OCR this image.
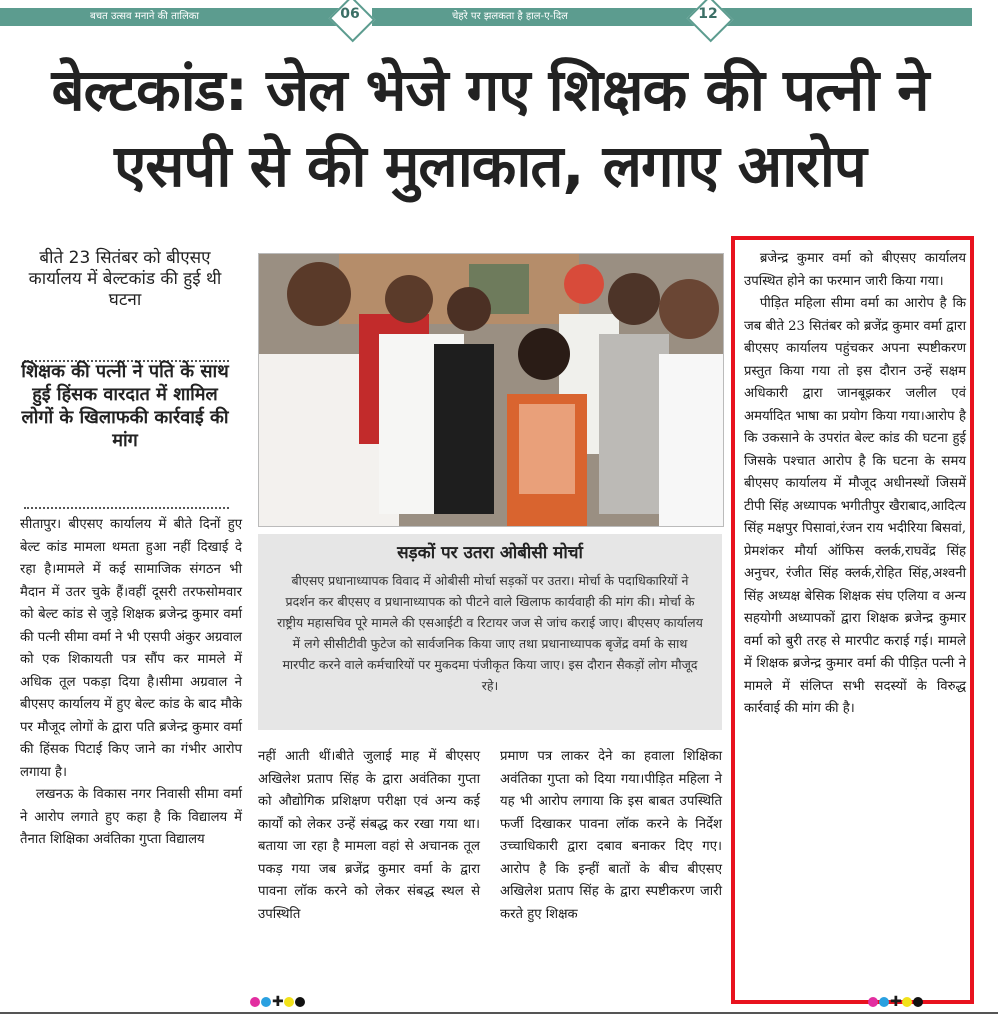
बचत उत्सव मनाने की तालिका	चेहरे पर झलकता है हाल-ए-दिल
06	12
बेल्टकांड: जेल भेजे गए शिक्षक की पत्नी ने एसपी से की मुलाकात, लगाए आरोप
बीते 23 सितंबर को बीएसए कार्यालय में बेल्टकांड की हुई थी घटना
शिक्षक की पत्नी ने पति के साथ हुई हिंसक वारदात में शामिल लोगों के खिलाफकी कार्रवाई की मांग

सीतापुर। बीएसए कार्यालय में बीते दिनों हुए बेल्ट कांड मामला थमता हुआ नहीं दिखाई दे रहा है।मामले में कई सामाजिक संगठन भी मैदान में उतर चुके हैं।वहीं दूसरी तरफसोमवार को बेल्ट कांड से जुड़े शिक्षक ब्रजेन्द्र कुमार वर्मा की पत्नी सीमा वर्मा ने भी एसपी अंकुर अग्रवाल को एक शिकायती पत्र सौंप कर मामले में अधिक तूल पकड़ा दिया है।सीमा अग्रवाल ने बीएसए कार्यालय में हुए बेल्ट कांड के बाद मौके पर मौजूद लोगों के द्वारा पति ब्रजेन्द्र कुमार वर्मा की हिंसक पिटाई किए जाने का गंभीर आरोप लगाया है।

लखनऊ के विकास नगर निवासी सीमा वर्मा ने आरोप लगाते हुए कहा है कि विद्यालय में तैनात शिक्षिका अवंतिका गुप्ता विद्यालय

सड़कों पर उतरा ओबीसी मोर्चा
बीएसए प्रधानाध्यापक विवाद में ओबीसी मोर्चा सड़कों पर उतरा। मोर्चा के पदाधिकारियों ने प्रदर्शन कर बीएसए व प्रधानाध्यापक को पीटने वाले खिलाफ कार्यवाही की मांग की। मोर्चा के राष्ट्रीय महासचिव पूरे मामले की एसआईटी व रिटायर जज से जांच कराई जाए। बीएसए कार्यालय में लगे सीसीटीवी फुटेज को सार्वजनिक किया जाए तथा प्रधानाध्यापक बृजेंद्र वर्मा के साथ मारपीट करने वाले कर्मचारियों पर मुकदमा पंजीकृत किया जाए। इस दौरान सैकड़ों लोग मौजूद रहे।

नहीं आती थीं।बीते जुलाई माह में बीएसए अखिलेश प्रताप सिंह के द्वारा अवंतिका गुप्ता को औद्योगिक प्रशिक्षण परीक्षा एवं अन्य कई कार्यों को लेकर उन्हें संबद्ध कर रखा गया था।बताया जा रहा है मामला वहां से अचानक तूल पकड़ गया जब ब्रजेंद्र कुमार वर्मा के द्वारा पावना लॉक करने को लेकर संबद्ध स्थल से उपस्थिति

प्रमाण पत्र लाकर देने का हवाला शिक्षिका अवंतिका गुप्ता को दिया गया।पीड़ित महिला ने यह भी आरोप लगाया कि इस बाबत उपस्थिति फर्जी दिखाकर पावना लॉक करने के निर्देश उच्चाधिकारी द्वारा दबाव बनाकर दिए गए।आरोप है कि इन्हीं बातों के बीच बीएसए अखिलेश प्रताप सिंह के द्वारा स्पष्टीकरण जारी करते हुए शिक्षक

ब्रजेन्द्र कुमार वर्मा को बीएसए कार्यालय उपस्थित होने का फरमान जारी किया गया।

पीड़ित महिला सीमा वर्मा का आरोप है कि जब बीते 23 सितंबर को ब्रजेंद्र कुमार वर्मा द्वारा बीएसए कार्यालय पहुंचकर अपना स्पष्टीकरण प्रस्तुत किया गया तो इस दौरान उन्हें सक्षम अधिकारी द्वारा जानबूझकर जलील एवं अमर्यादित भाषा का प्रयोग किया गया।आरोप है कि उकसाने के उपरांत बेल्ट कांड की घटना हुई जिसके पश्चात आरोप है कि घटना के समय बीएसए कार्यालय में मौजूद अधीनस्थों जिसमें टीपी सिंह अध्यापक भगीतीपुर खैराबाद,आदित्य सिंह मक्षपुर पिसावां,रंजन राय भदीरिया बिसवां, प्रेमशंकर मौर्या ऑफिस क्लर्क,राघवेंद्र सिंह अनुचर, रंजीत सिंह क्लर्क,रोहित सिंह,अश्वनी सिंह अध्यक्ष बेसिक शिक्षक संघ एलिया व अन्य सहयोगी अध्यापकों द्वारा शिक्षक ब्रजेन्द्र कुमार वर्मा को बुरी तरह से मारपीट कराई गई। मामले में शिक्षक ब्रजेन्द्र कुमार वर्मा की पीड़ित पत्नी ने मामले में संलिप्त सभी सदस्यों के विरुद्ध कार्रवाई की मांग की है।

✚	✚
